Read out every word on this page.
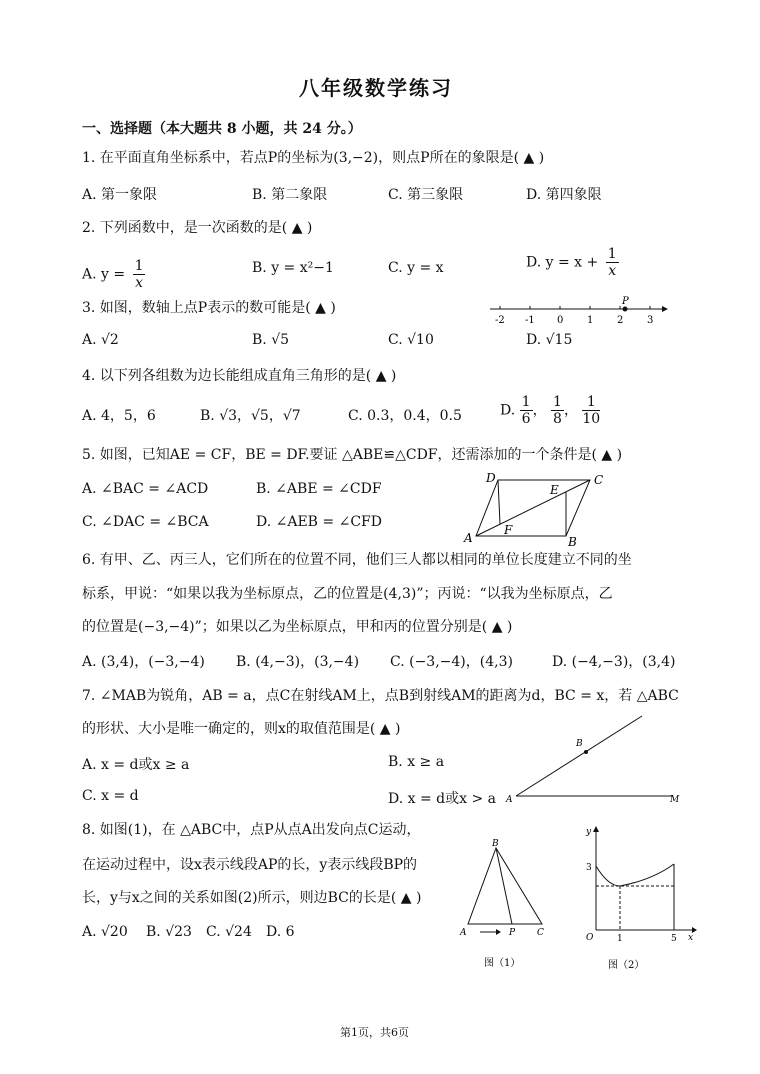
八年级数学练习
一、选择题（本大题共 8 小题，共 24 分。）
1. 在平面直角坐标系中，若点P的坐标为(3,−2)，则点P所在的象限是( ▲ )
A. 第一象限	B. 第二象限	C. 第三象限	D. 第四象限
2. 下列函数中，是一次函数的是( ▲ )
A. $y = \frac{1}{x}$	B. y = x²−1	C. y = x	D. $y = x + \frac{1}{x}$
3. 如图，数轴上点P表示的数可能是( ▲ )
-2 -1 0 1 2 3
P
A. √2	B. √5	C. √10	D. √15
4. 以下列各组数为边长能组成直角三角形的是( ▲ )
A. 4，5，6	B. √3，√5，√7	C. 0.3，0.4，0.5	D. $\frac{1}{6}$ ， $\frac{1}{8}$ ， $\frac{1}{10}$
5. 如图，已知AE = CF，BE = DF.要证 △ABE≌△CDF，还需添加的一个条件是( ▲ )
A. ∠BAC = ∠ACD	B. ∠ABE = ∠CDF
C. ∠DAC = ∠BCA	D. ∠AEB = ∠CFD
A	B
C
D
E
F
6. 有甲、乙、丙三人，它们所在的位置不同，他们三人都以相同的单位长度建立不同的坐
标系，甲说：“如果以我为坐标原点，乙的位置是(4,3)”；丙说：“以我为坐标原点，乙
的位置是(−3,−4)”；如果以乙为坐标原点，甲和丙的位置分别是( ▲ )
A. (3,4)，(−3,−4) B. (4,−3)，(3,−4) C. (−3,−4)，(4,3)	D. (−4,−3)，(3,4)
7. ∠MAB为锐角，AB = a，点C在射线AM上，点B到射线AM的距离为d，BC = x，若 △ABC
的形状、大小是唯一确定的，则x的取值范围是( ▲ )
A. x = d或x ≥ a	B. x ≥ a
C. x = d	D. x = d或x > a A
B
M
8. 如图(1)，在 △ABC中，点P从点A出发向点C运动，
在运动过程中，设x表示线段AP的长，y表示线段BP的
长，y与x之间的关系如图(2)所示，则边BC的长是( ▲ )
A. √20 B. √23 C. √24 D. 6
B
A	P C
图（1）
y
x
O	1	5
3
图（2）
第1页，共6页
